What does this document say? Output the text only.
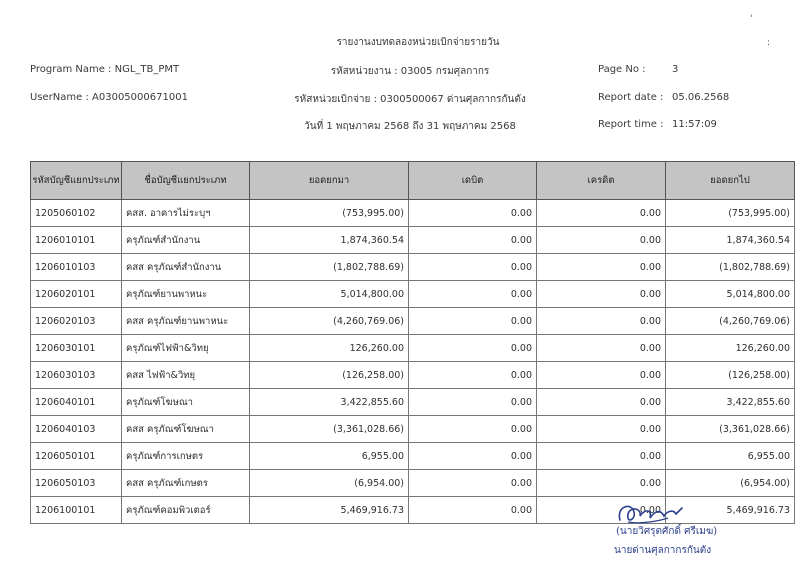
รายงานงบทดลองหน่วยเบิกจ่ายรายวัน
Program Name : NGL_TB_PMT	รหัสหน่วยงาน : 03005 กรมศุลกากร	Page No :	3
UserName : A03005000671001	รหัสหน่วยเบิกจ่าย : 0300500067 ด่านศุลกากรกันตัง	Report date : 05.06.2568
วันที่ 1 พฤษภาคม 2568 ถึง 31 พฤษภาคม 2568	Report time : 11:57:09
'
:
รหัสบัญชีแยกประเภท	ชื่อบัญชีแยกประเภท	ยอดยกมา	เดบิต	เครดิต	ยอดยกไป
1205060102	คสส. อาคารไม่ระบุฯ	(753,995.00)	0.00	0.00	(753,995.00)
1206010101	ครุภัณฑ์สำนักงาน	1,874,360.54	0.00	0.00	1,874,360.54
1206010103	คสส ครุภัณฑ์สำนักงาน	(1,802,788.69)	0.00	0.00	(1,802,788.69)
1206020101	ครุภัณฑ์ยานพาหนะ	5,014,800.00	0.00	0.00	5,014,800.00
1206020103	คสส ครุภัณฑ์ยานพาหนะ	(4,260,769.06)	0.00	0.00	(4,260,769.06)
1206030101	ครุภัณฑ์ไฟฟ้า&วิทยุ	126,260.00	0.00	0.00	126,260.00
1206030103	คสส ไฟฟ้า&วิทยุ	(126,258.00)	0.00	0.00	(126,258.00)
1206040101	ครุภัณฑ์โฆษณา	3,422,855.60	0.00	0.00	3,422,855.60
1206040103	คสส ครุภัณฑ์โฆษณา	(3,361,028.66)	0.00	0.00	(3,361,028.66)
1206050101	ครุภัณฑ์การเกษตร	6,955.00	0.00	0.00	6,955.00
1206050103	คสส ครุภัณฑ์เกษตร	(6,954.00)	0.00	0.00	(6,954.00)
1206100101	ครุภัณฑ์คอมพิวเตอร์	5,469,916.73	0.00	0.00	5,469,916.73
(นายวิศรุตศักดิ์ ศรีเมฆ)
นายด่านศุลกากรกันตัง
